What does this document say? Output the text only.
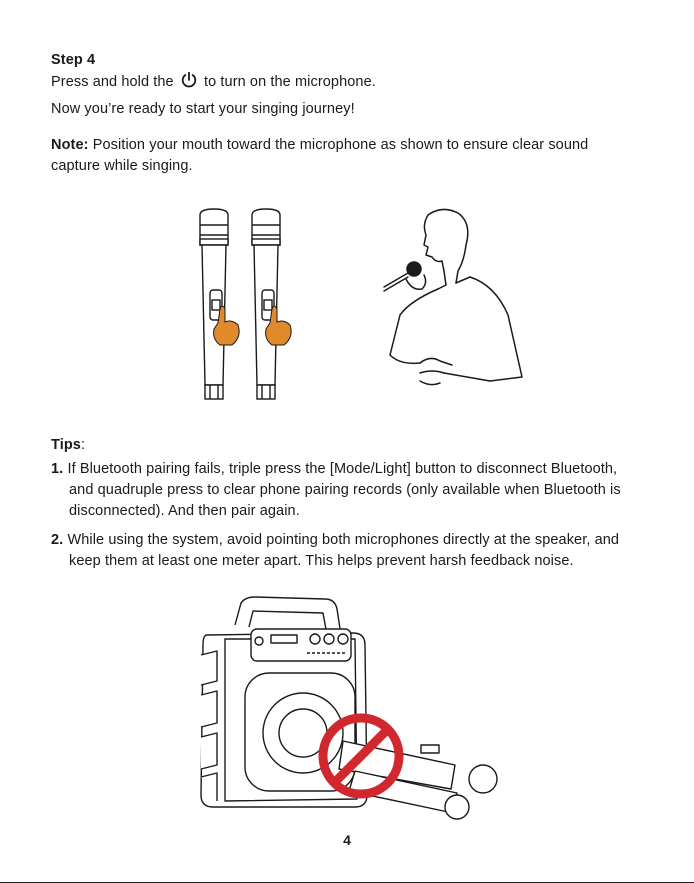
Step 4
Press and hold the to turn on the microphone.
Now you’re ready to start your singing journey!
Note: Position your mouth toward the microphone as shown to ensure clear sound capture while singing.
Tips:
1. If Bluetooth pairing fails, triple press the [Mode/Light] button to disconnect Bluetooth,
and quadruple press to clear phone pairing records (only available when Bluetooth is
disconnected). And then pair again.
2. While using the system, avoid pointing both microphones directly at the speaker, and
keep them at least one meter apart. This helps prevent harsh feedback noise.
4
